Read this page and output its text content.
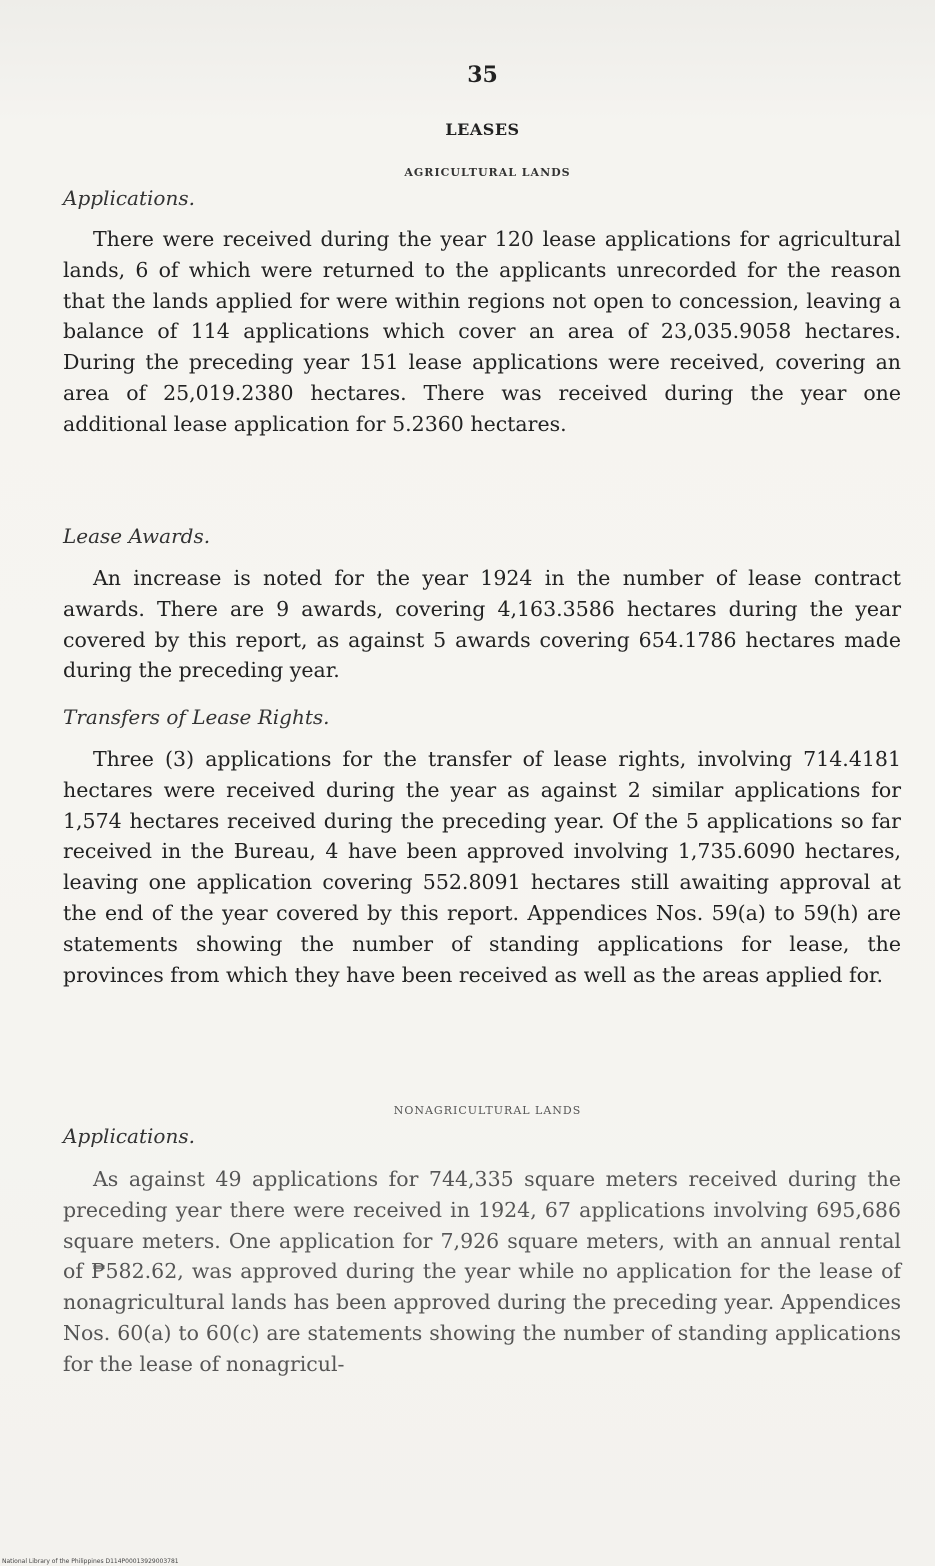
35
LEASES
AGRICULTURAL LANDS
Applications.

There were received during the year 120 lease applications for agricultural lands, 6 of which were returned to the applicants unrecorded for the reason that the lands applied for were within regions not open to concession, leaving a balance of 114 applications which cover an area of 23,035.9058 hectares. During the preceding year 151 lease applications were received, covering an area of 25,019.2380 hectares. There was received during the year one additional lease application for 5.2360 hectares.

Lease Awards.

An increase is noted for the year 1924 in the number of lease contract awards. There are 9 awards, covering 4,163.3586 hectares during the year covered by this report, as against 5 awards covering 654.1786 hectares made during the preceding year.

Transfers of Lease Rights.

Three (3) applications for the transfer of lease rights, involving 714.4181 hectares were received during the year as against 2 similar applications for 1,574 hectares received during the preceding year. Of the 5 applications so far received in the Bureau, 4 have been approved involving 1,735.6090 hectares, leaving one application covering 552.8091 hectares still awaiting approval at the end of the year covered by this report. Appendices Nos. 59(a) to 59(h) are statements showing the number of standing applications for lease, the provinces from which they have been received as well as the areas applied for.

NONAGRICULTURAL LANDS
Applications.

As against 49 applications for 744,335 square meters received during the preceding year there were received in 1924, 67 applications involving 695,686 square meters. One application for 7,926 square meters, with an annual rental of ₱582.62, was approved during the year while no application for the lease of nonagricultural lands has been approved during the preceding year. Appendices Nos. 60(a) to 60(c) are statements showing the number of standing applications for the lease of nonagricul-

National Library of the Philippines D114P00013929003781
